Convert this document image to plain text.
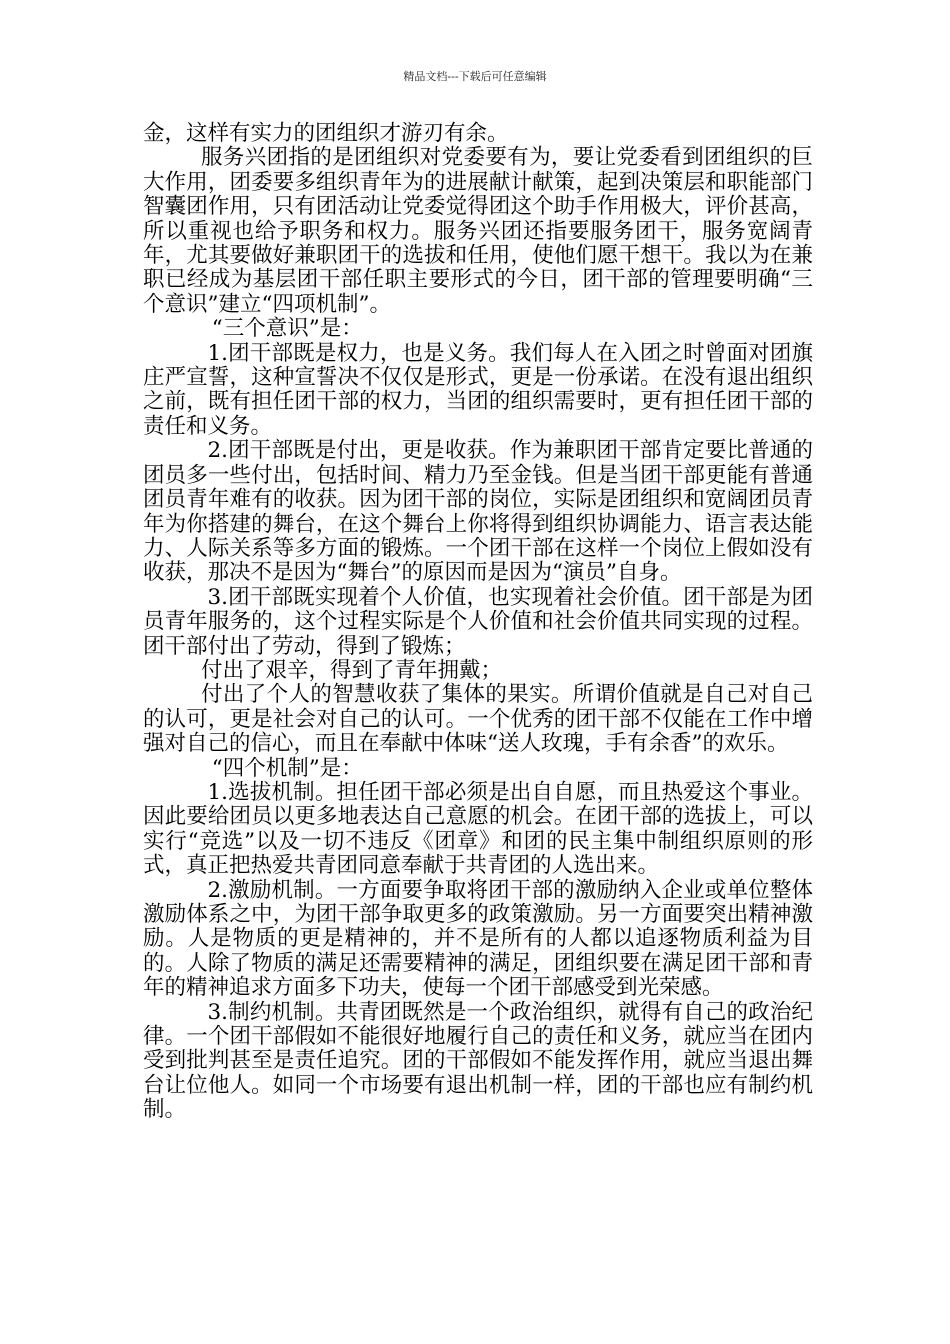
精品文档---下载后可任意编辑

金，这样有实力的团组织才游刃有余。

服务兴团指的是团组织对党委要有为，要让党委看到团组织的巨大作用，团委要多组织青年为的进展献计献策，起到决策层和职能部门智囊团作用，只有团活动让党委觉得团这个助手作用极大，评价甚高，所以重视也给予职务和权力。服务兴团还指要服务团干，服务宽阔青年，尤其要做好兼职团干的选拔和任用，使他们愿干想干。我以为在兼职已经成为基层团干部任职主要形式的今日，团干部的管理要明确“三个意识”建立“四项机制”。

“三个意识”是：

1.团干部既是权力，也是义务。我们每人在入团之时曾面对团旗庄严宣誓，这种宣誓决不仅仅是形式，更是一份承诺。在没有退出组织之前，既有担任团干部的权力，当团的组织需要时，更有担任团干部的责任和义务。

2.团干部既是付出，更是收获。作为兼职团干部肯定要比普通的团员多一些付出，包括时间、精力乃至金钱。但是当团干部更能有普通团员青年难有的收获。因为团干部的岗位，实际是团组织和宽阔团员青年为你搭建的舞台，在这个舞台上你将得到组织协调能力、语言表达能力、人际关系等多方面的锻炼。一个团干部在这样一个岗位上假如没有收获，那决不是因为“舞台”的原因而是因为“演员”自身。

3.团干部既实现着个人价值，也实现着社会价值。团干部是为团员青年服务的，这个过程实际是个人价值和社会价值共同实现的过程。团干部付出了劳动，得到了锻炼；

付出了艰辛，得到了青年拥戴；

付出了个人的智慧收获了集体的果实。所谓价值就是自己对自己的认可，更是社会对自己的认可。一个优秀的团干部不仅能在工作中增强对自己的信心，而且在奉献中体味“送人玫瑰，手有余香”的欢乐。

“四个机制”是：

1.选拔机制。担任团干部必须是出自自愿，而且热爱这个事业。因此要给团员以更多地表达自己意愿的机会。在团干部的选拔上，可以实行“竞选”以及一切不违反《团章》和团的民主集中制组织原则的形式，真正把热爱共青团同意奉献于共青团的人选出来。

2.激励机制。一方面要争取将团干部的激励纳入企业或单位整体激励体系之中，为团干部争取更多的政策激励。另一方面要突出精神激励。人是物质的更是精神的，并不是所有的人都以追逐物质利益为目的。人除了物质的满足还需要精神的满足，团组织要在满足团干部和青年的精神追求方面多下功夫，使每一个团干部感受到光荣感。

3.制约机制。共青团既然是一个政治组织，就得有自己的政治纪律。一个团干部假如不能很好地履行自己的责任和义务，就应当在团内受到批判甚至是责任追究。团的干部假如不能发挥作用，就应当退出舞台让位他人。如同一个市场要有退出机制一样，团的干部也应有制约机制。
